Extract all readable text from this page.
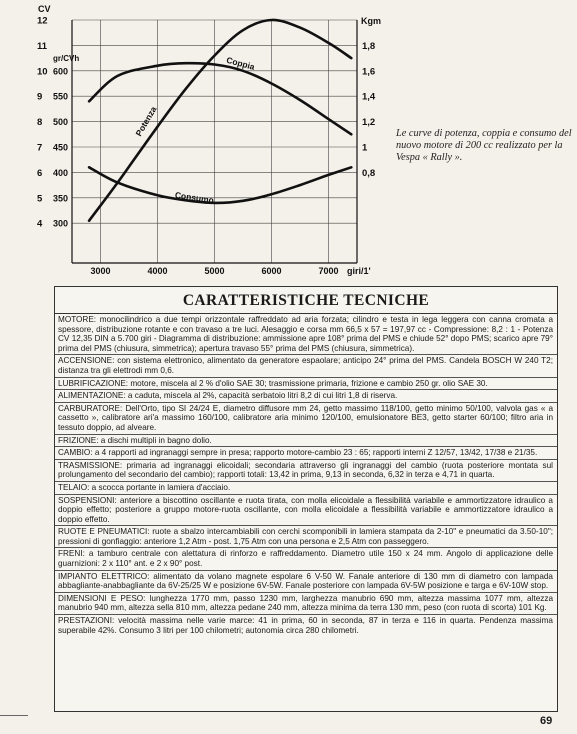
CV
12
11
10
9
8
7
6
5
4
gr/CVh
600
550
500
450
400
350
300
Kgm
1,8
1,6
1,4
1,2
1
0,8
3000	4000	5000	6000	7000 giri/1'
Potenza
Coppia
Consumo
Le curve di potenza, coppia e consumo del nuovo motore di 200 cc realizzato per la Vespa « Rally ».
CARATTERISTICHE TECNICHE
MOTORE: monocilindrico a due tempi orizzontale raffreddato ad aria forzata; cilindro e testa in lega leggera con canna cromata a spessore, distribuzione rotante e con travaso a tre luci. Alesaggio e corsa mm 66,5 x 57 = 197,97 cc - Compressione: 8,2 : 1 - Potenza CV 12,35 DIN a 5.700 giri - Diagramma di distribuzione: ammissione apre 108° prima del PMS e chiude 52° dopo PMS; scarico apre 79° prima del PMS (chiusura, simmetrica); apertura travaso 55° prima del PMS (chiusura, simmetrica).
ACCENSIONE: con sistema elettronico, alimentato da generatore espaolare; anticipo 24° prima del PMS. Candela BOSCH W 240 T2; distanza tra gli elettrodi mm 0,6.
LUBRIFICAZIONE: motore, miscela al 2 % d'olio SAE 30; trasmissione primaria, frizione e cambio 250 gr. olio SAE 30.
ALIMENTAZIONE: a caduta, miscela al 2%, capacità serbatoio litri 8,2 di cui litri 1,8 di riserva.
CARBURATORE: Dell'Orto, tipo SI 24/24 E, diametro diffusore mm 24, getto massimo 118/100, getto minimo 50/100, valvola gas « a cassetto », calibratore ari'a massimo 160/100, calibratore aria minimo 120/100, emulsionatore BE3, getto starter 60/100; filtro aria in tessuto doppio, ad alveare.
FRIZIONE: a dischi multipli in bagno dolio.
CAMBIO: a 4 rapporti ad ingranaggi sempre in presa; rapporto motore-cambio 23 : 65; rapporti interni Z 12/57, 13/42, 17/38 e 21/35.
TRASMISSIONE: primaria ad ingranaggi elicoidali; secondaria attraverso gli ingranaggi del cambio (ruota posteriore montata sul prolungamento del secondario del cambio); rapporti totali: 13,42 in prima, 9,13 in seconda, 6,32 in terza e 4,71 in quarta.
TELAIO: a scocca portante in lamiera d'acciaio.
SOSPENSIONI: anteriore a biscottino oscillante e ruota tirata, con molla elicoidale a flessibilità variabile e ammortizzatore idraulico a doppio effetto; posteriore a gruppo motore-ruota oscillante, con molla elicoidale a flessibilità variabile e ammortizzatore idraulico a doppio effetto.
RUOTE E PNEUMATICI: ruote a sbalzo intercambiabili con cerchi scomponibili in lamiera stampata da 2-10" e pneumatici da 3.50-10"; pressioni di gonfiaggio: anteriore 1,2 Atm - post. 1,75 Atm con una persona e 2,5 Atm con passeggero.
FRENI: a tamburo centrale con alettatura di rinforzo e raffreddamento. Diametro utile 150 x 24 mm. Angolo di applicazione delle guarnizioni: 2 x 110° ant. e 2 x 90° post.
IMPIANTO ELETTRICO: alimentato da volano magnete espolare 6 V-50 W. Fanale anteriore di 130 mm di diametro con lampada abbagliante-anabbagliante da 6V-25/25 W e posizione 6V-5W. Fanale posteriore con lampada 6V-5W posizione e targa e 6V-10W stop.
DIMENSIONI E PESO: lunghezza 1770 mm, passo 1230 mm, larghezza manubrio 690 mm, altezza massima 1077 mm, altezza manubrio 940 mm, altezza sella 810 mm, altezza pedane 240 mm, altezza minima da terra 130 mm, peso (con ruota di scorta) 101 Kg.
PRESTAZIONI: velocità massima nelle varie marce: 41 in prima, 60 in seconda, 87 in terza e 116 in quarta. Pendenza massima superabile 42%. Consumo 3 litri per 100 chilometri; autonomia circa 280 chilometri.
69
